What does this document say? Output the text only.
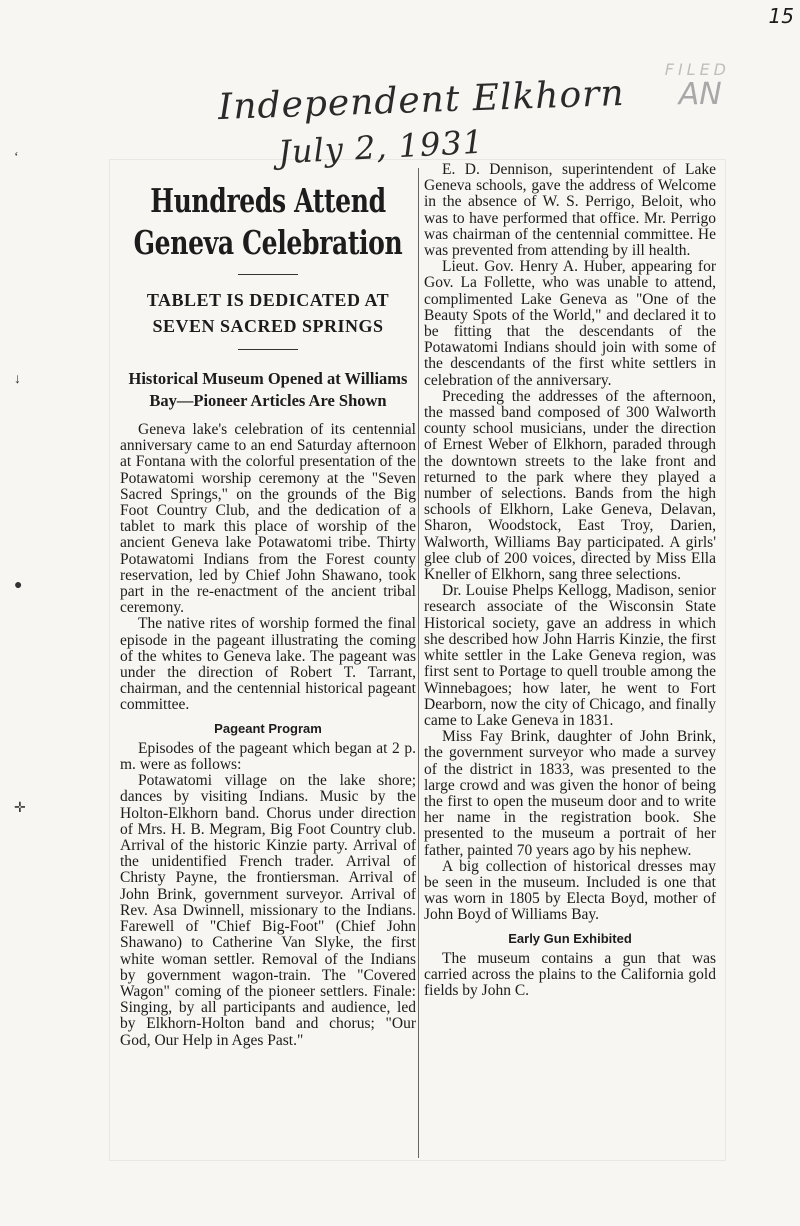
15
Independent Elkhorn
July 2, 1931
FILED
AN
‘
↓
●
✛
Hundreds Attend
Geneva Celebration
TABLET IS DEDICATED AT SEVEN SACRED SPRINGS
Historical Museum Opened at Williams Bay—Pioneer Articles Are Shown

Geneva lake's celebration of its centennial anniversary came to an end Saturday afternoon at Fontana with the colorful presentation of the Potawatomi worship ceremony at the "Seven Sacred Springs," on the grounds of the Big Foot Country Club, and the dedication of a tablet to mark this place of worship of the ancient Geneva lake Potawatomi tribe. Thirty Potawatomi Indians from the Forest county reservation, led by Chief John Shawano, took part in the re-enactment of the ancient tribal ceremony.

The native rites of worship formed the final episode in the pageant illustrating the coming of the whites to Geneva lake. The pageant was under the direction of Robert T. Tarrant, chairman, and the centennial historical pageant committee.

Pageant Program

Episodes of the pageant which began at 2 p. m. were as follows:

Potawatomi village on the lake shore; dances by visiting Indians. Music by the Holton-Elkhorn band. Chorus under direction of Mrs. H. B. Megram, Big Foot Country club. Arrival of the historic Kinzie party. Arrival of the unidentified French trader. Arrival of Christy Payne, the frontiersman. Arrival of John Brink, government surveyor. Arrival of Rev. Asa Dwinnell, missionary to the Indians. Farewell of "Chief Big-Foot" (Chief John Shawano) to Catherine Van Slyke, the first white woman settler. Removal of the Indians by government wagon-train. The "Covered Wagon" coming of the pioneer settlers. Finale: Singing, by all participants and audience, led by Elkhorn-Holton band and chorus; "Our God, Our Help in Ages Past."

E. D. Dennison, superintendent of Lake Geneva schools, gave the address of Welcome in the absence of W. S. Perrigo, Beloit, who was to have performed that office. Mr. Perrigo was chairman of the centennial committee. He was prevented from attending by ill health.

Lieut. Gov. Henry A. Huber, appearing for Gov. La Follette, who was unable to attend, complimented Lake Geneva as "One of the Beauty Spots of the World," and declared it to be fitting that the descendants of the Potawatomi Indians should join with some of the descendants of the first white settlers in celebration of the anniversary.

Preceding the addresses of the afternoon, the massed band composed of 300 Walworth county school musicians, under the direction of Ernest Weber of Elkhorn, paraded through the downtown streets to the lake front and returned to the park where they played a number of selections. Bands from the high schools of Elkhorn, Lake Geneva, Delavan, Sharon, Woodstock, East Troy, Darien, Walworth, Williams Bay participated. A girls' glee club of 200 voices, directed by Miss Ella Kneller of Elkhorn, sang three selections.

Dr. Louise Phelps Kellogg, Madison, senior research associate of the Wisconsin State Historical society, gave an address in which she described how John Harris Kinzie, the first white settler in the Lake Geneva region, was first sent to Portage to quell trouble among the Winnebagoes; how later, he went to Fort Dearborn, now the city of Chicago, and finally came to Lake Geneva in 1831.

Miss Fay Brink, daughter of John Brink, the government surveyor who made a survey of the district in 1833, was presented to the large crowd and was given the honor of being the first to open the museum door and to write her name in the registration book. She presented to the museum a portrait of her father, painted 70 years ago by his nephew.

A big collection of historical dresses may be seen in the museum. Included is one that was worn in 1805 by Electa Boyd, mother of John Boyd of Williams Bay.

Early Gun Exhibited

The museum contains a gun that was carried across the plains to the California gold fields by John C.
